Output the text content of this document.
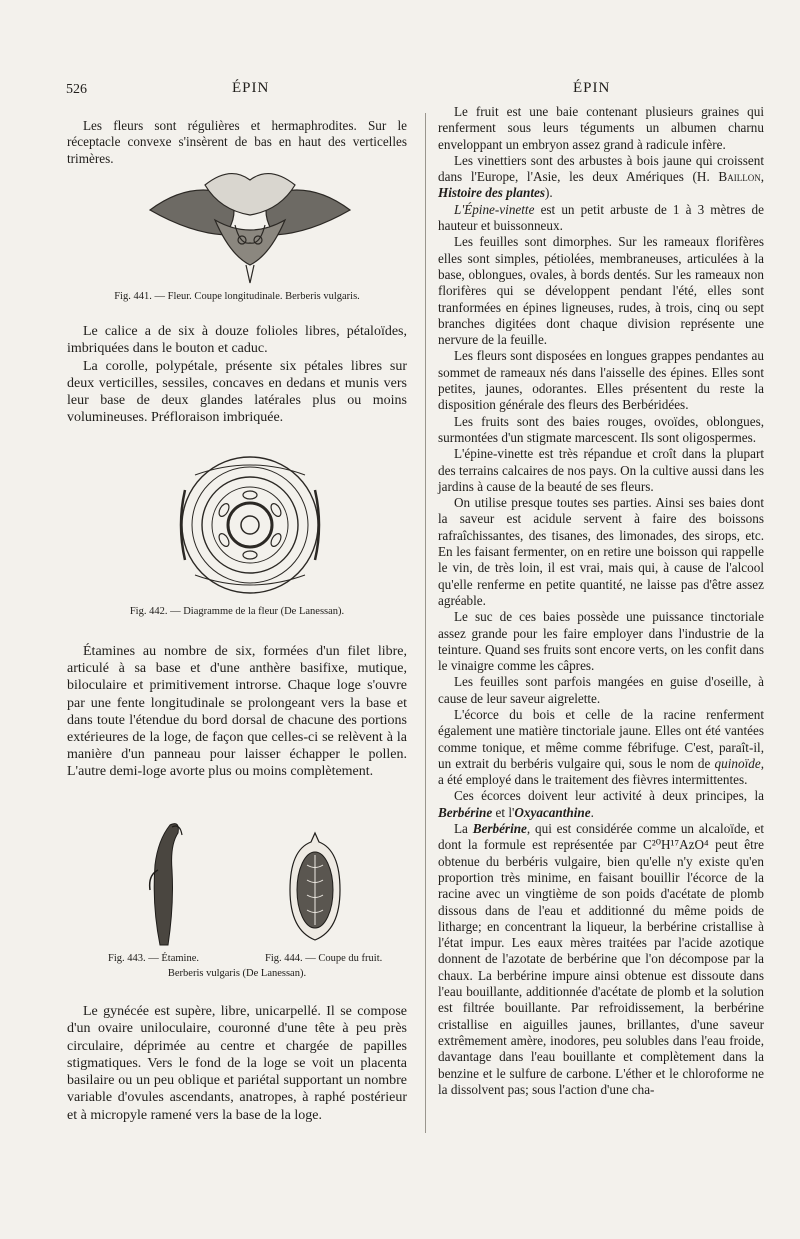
526	ÉPIN	ÉPIN

Les fleurs sont régulières et hermaphrodites. Sur le réceptacle convexe s'insèrent de bas en haut des verticelles trimères.

Fig. 441. — Fleur. Coupe longitudinale. Berberis vulgaris.

Le calice a de six à douze folioles libres, pétaloïdes, imbriquées dans le bouton et caduc.

La corolle, polypétale, présente six pétales libres sur deux verticilles, sessiles, concaves en dedans et munis vers leur base de deux glandes latérales plus ou moins volumineuses. Préfloraison imbriquée.

Fig. 442. — Diagramme de la fleur (De Lanessan).

Étamines au nombre de six, formées d'un filet libre, articulé à sa base et d'une anthère basifixe, mutique, biloculaire et primitivement introrse. Chaque loge s'ouvre par une fente longitudinale se prolongeant vers la base et dans toute l'étendue du bord dorsal de chacune des portions extérieures de la loge, de façon que celles-ci se relèvent à la manière d'un panneau pour laisser échapper le pollen. L'autre demi-loge avorte plus ou moins complètement.

Fig. 443. — Étamine.	Fig. 444. — Coupe du fruit.
Berberis vulgaris (De Lanessan).

Le gynécée est supère, libre, unicarpellé. Il se compose d'un ovaire uniloculaire, couronné d'une tête à peu près circulaire, déprimée au centre et chargée de papilles stigmatiques. Vers le fond de la loge se voit un placenta basilaire ou un peu oblique et pariétal supportant un nombre variable d'ovules ascendants, anatropes, à raphé postérieur et à micropyle ramené vers la base de la loge.

Le fruit est une baie contenant plusieurs graines qui renferment sous leurs téguments un albumen charnu enveloppant un embryon assez grand à radicule infère.

Les vinettiers sont des arbustes à bois jaune qui croissent dans l'Europe, l'Asie, les deux Amériques (H. Baillon, Histoire des plantes).

L'Épine-vinette est un petit arbuste de 1 à 3 mètres de hauteur et buissonneux.

Les feuilles sont dimorphes. Sur les rameaux florifères elles sont simples, pétiolées, membraneuses, articulées à la base, oblongues, ovales, à bords dentés. Sur les rameaux non florifères qui se développent pendant l'été, elles sont tranformées en épines ligneuses, rudes, à trois, cinq ou sept branches digitées dont chaque division représente une nervure de la feuille.

Les fleurs sont disposées en longues grappes pendantes au sommet de rameaux nés dans l'aisselle des épines. Elles sont petites, jaunes, odorantes. Elles présentent du reste la disposition générale des fleurs des Berbéridées.

Les fruits sont des baies rouges, ovoïdes, oblongues, surmontées d'un stigmate marcescent. Ils sont oligospermes.

L'épine-vinette est très répandue et croît dans la plupart des terrains calcaires de nos pays. On la cultive aussi dans les jardins à cause de la beauté de ses fleurs.

On utilise presque toutes ses parties. Ainsi ses baies dont la saveur est acidule servent à faire des boissons rafraîchissantes, des tisanes, des limonades, des sirops, etc. En les faisant fermenter, on en retire une boisson qui rappelle le vin, de très loin, il est vrai, mais qui, à cause de l'alcool qu'elle renferme en petite quantité, ne laisse pas d'être assez agréable.

Le suc de ces baies possède une puissance tinctoriale assez grande pour les faire employer dans l'industrie de la teinture. Quand ses fruits sont encore verts, on les confit dans le vinaigre comme les câpres.

Les feuilles sont parfois mangées en guise d'oseille, à cause de leur saveur aigrelette.

L'écorce du bois et celle de la racine renferment également une matière tinctoriale jaune. Elles ont été vantées comme tonique, et même comme fébrifuge. C'est, paraît-il, un extrait du berbéris vulgaire qui, sous le nom de quinoïde, a été employé dans le traitement des fièvres intermittentes.

Ces écorces doivent leur activité à deux principes, la Berbérine et l'Oxyacanthine.

La Berbérine, qui est considérée comme un alcaloïde, et dont la formule est représentée par C²⁰H¹⁷AzO⁴ peut être obtenue du berbéris vulgaire, bien qu'elle n'y existe qu'en proportion très minime, en faisant bouillir l'écorce de la racine avec un vingtième de son poids d'acétate de plomb dissous dans de l'eau et additionné du même poids de litharge; en concentrant la liqueur, la berbérine cristallise à l'état impur. Les eaux mères traitées par l'acide azotique donnent de l'azotate de berbérine que l'on décompose par la chaux. La berbérine impure ainsi obtenue est dissoute dans l'eau bouillante, additionnée d'acétate de plomb et la solution est filtrée bouillante. Par refroidissement, la berbérine cristallise en aiguilles jaunes, brillantes, d'une saveur extrêmement amère, inodores, peu solubles dans l'eau froide, davantage dans l'eau bouillante et complètement dans la benzine et le sulfure de carbone. L'éther et le chloroforme ne la dissolvent pas; sous l'action d'une cha-
